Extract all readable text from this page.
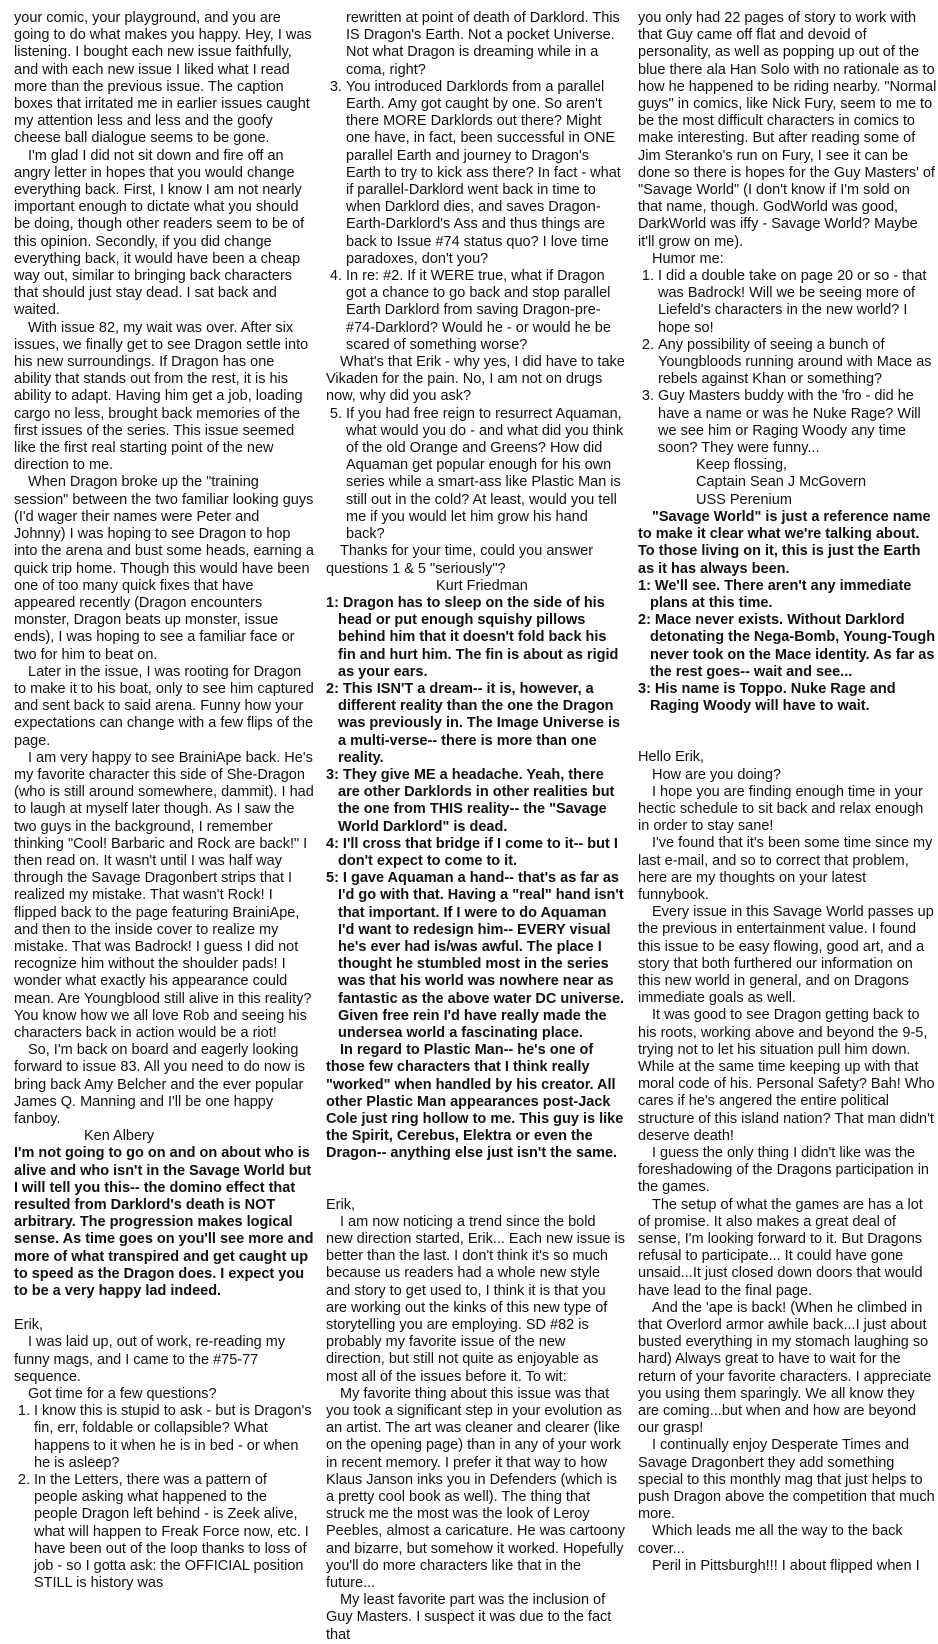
your comic, your playground, and you are going to do what makes you happy. Hey, I was listening. I bought each new issue faithfully, and with each new issue I liked what I read more than the previous issue. The caption boxes that irritated me in earlier issues caught my attention less and less and the goofy cheese ball dialogue seems to be gone.

I'm glad I did not sit down and fire off an angry letter in hopes that you would change everything back. First, I know I am not nearly important enough to dictate what you should be doing, though other readers seem to be of this opinion. Secondly, if you did change everything back, it would have been a cheap way out, similar to bringing back characters that should just stay dead. I sat back and waited.

With issue 82, my wait was over. After six issues, we finally get to see Dragon settle into his new surroundings. If Dragon has one ability that stands out from the rest, it is his ability to adapt. Having him get a job, loading cargo no less, brought back memories of the first issues of the series. This issue seemed like the first real starting point of the new direction to me.

When Dragon broke up the "training session" between the two familiar looking guys (I'd wager their names were Peter and Johnny) I was hoping to see Dragon to hop into the arena and bust some heads, earning a quick trip home. Though this would have been one of too many quick fixes that have appeared recently (Dragon encounters monster, Dragon beats up monster, issue ends), I was hoping to see a familiar face or two for him to beat on.

Later in the issue, I was rooting for Dragon to make it to his boat, only to see him captured and sent back to said arena. Funny how your expectations can change with a few flips of the page.

I am very happy to see BrainiApe back. He's my favorite character this side of She-Dragon (who is still around somewhere, dammit). I had to laugh at myself later though. As I saw the two guys in the background, I remember thinking "Cool! Barbaric and Rock are back!" I then read on. It wasn't until I was half way through the Savage Dragonbert strips that I realized my mistake. That wasn't Rock! I flipped back to the page featuring BrainiApe, and then to the inside cover to realize my mistake. That was Badrock! I guess I did not recognize him without the shoulder pads! I wonder what exactly his appearance could mean. Are Youngblood still alive in this reality? You know how we all love Rob and seeing his characters back in action would be a riot!

So, I'm back on board and eagerly looking forward to issue 83. All you need to do now is bring back Amy Belcher and the ever popular James Q. Manning and I'll be one happy fanboy.

Ken Albery

I'm not going to go on and on about who is alive and who isn't in the Savage World but I will tell you this-- the domino effect that resulted from Darklord's death is NOT arbitrary. The progression makes logical sense. As time goes on you'll see more and more of what transpired and get caught up to speed as the Dragon does. I expect you to be a very happy lad indeed.

Erik,

I was laid up, out of work, re-reading my funny mags, and I came to the #75-77 sequence.

Got time for a few questions?

1. I know this is stupid to ask - but is Dragon's fin, err, foldable or collapsible? What happens to it when he is in bed - or when he is asleep?
2. In the Letters, there was a pattern of people asking what happened to the people Dragon left behind - is Zeek alive, what will happen to Freak Force now, etc. I have been out of the loop thanks to loss of job - so I gotta ask: the OFFICIAL position STILL is history was

rewritten at point of death of Darklord. This IS Dragon's Earth. Not a pocket Universe. Not what Dragon is dreaming while in a coma, right?

3. You introduced Darklords from a parallel Earth. Amy got caught by one. So aren't there MORE Darklords out there? Might one have, in fact, been successful in ONE parallel Earth and journey to Dragon's Earth to try to kick ass there? In fact - what if parallel-Darklord went back in time to when Darklord dies, and saves Dragon-Earth-Darklord's Ass and thus things are back to Issue #74 status quo? I love time paradoxes, don't you?
4. In re: #2. If it WERE true, what if Dragon got a chance to go back and stop parallel Earth Darklord from saving Dragon-pre-#74-Darklord? Would he - or would he be scared of something worse?

What's that Erik - why yes, I did have to take Vikaden for the pain. No, I am not on drugs now, why did you ask?

5. If you had free reign to resurrect Aquaman, what would you do - and what did you think of the old Orange and Greens? How did Aquaman get popular enough for his own series while a smart-ass like Plastic Man is still out in the cold? At least, would you tell me if you would let him grow his hand back?

Thanks for your time, could you answer questions 1 & 5 "seriously"?

Kurt Friedman

1: Dragon has to sleep on the side of his head or put enough squishy pillows behind him that it doesn't fold back his fin and hurt him. The fin is about as rigid as your ears.
2: This ISN'T a dream-- it is, however, a different reality than the one the Dragon was previously in. The Image Universe is a multi-verse-- there is more than one reality.
3: They give ME a headache. Yeah, there are other Darklords in other realities but the one from THIS reality-- the "Savage World Darklord" is dead.
4: I'll cross that bridge if I come to it-- but I don't expect to come to it.
5: I gave Aquaman a hand-- that's as far as I'd go with that. Having a "real" hand isn't that important. If I were to do Aquaman I'd want to redesign him-- EVERY visual he's ever had is/was awful. The place I thought he stumbled most in the series was that his world was nowhere near as fantastic as the above water DC universe. Given free rein I'd have really made the undersea world a fascinating place.

In regard to Plastic Man-- he's one of those few characters that I think really "worked" when handled by his creator. All other Plastic Man appearances post-Jack Cole just ring hollow to me. This guy is like the Spirit, Cerebus, Elektra or even the Dragon-- anything else just isn't the same.

Erik,

I am now noticing a trend since the bold new direction started, Erik... Each new issue is better than the last. I don't think it's so much because us readers had a whole new style and story to get used to, I think it is that you are working out the kinks of this new type of storytelling you are employing. SD #82 is probably my favorite issue of the new direction, but still not quite as enjoyable as most all of the issues before it. To wit:

My favorite thing about this issue was that you took a significant step in your evolution as an artist. The art was cleaner and clearer (like on the opening page) than in any of your work in recent memory. I prefer it that way to how Klaus Janson inks you in Defenders (which is a pretty cool book as well). The thing that struck me the most was the look of Leroy Peebles, almost a caricature. He was cartoony and bizarre, but somehow it worked. Hopefully you'll do more characters like that in the future...

My least favorite part was the inclusion of Guy Masters. I suspect it was due to the fact that

you only had 22 pages of story to work with that Guy came off flat and devoid of personality, as well as popping up out of the blue there ala Han Solo with no rationale as to how he happened to be riding nearby. "Normal guys" in comics, like Nick Fury, seem to me to be the most difficult characters in comics to make interesting. But after reading some of Jim Steranko's run on Fury, I see it can be done so there is hopes for the Guy Masters' of "Savage World" (I don't know if I'm sold on that name, though. GodWorld was good, DarkWorld was iffy - Savage World? Maybe it'll grow on me).

Humor me:

1. I did a double take on page 20 or so - that was Badrock! Will we be seeing more of Liefeld's characters in the new world? I hope so!
2. Any possibility of seeing a bunch of Youngbloods running around with Mace as rebels against Khan or something?
3. Guy Masters buddy with the 'fro - did he have a name or was he Nuke Rage? Will we see him or Raging Woody any time soon? They were funny...

Keep flossing,

Captain Sean J McGovern

USS Perenium

"Savage World" is just a reference name to make it clear what we're talking about. To those living on it, this is just the Earth as it has always been.

1: We'll see. There aren't any immediate plans at this time.
2: Mace never exists. Without Darklord detonating the Nega-Bomb, Young-Tough never took on the Mace identity. As far as the rest goes-- wait and see...
3: His name is Toppo. Nuke Rage and Raging Woody will have to wait.

Hello Erik,

How are you doing?

I hope you are finding enough time in your hectic schedule to sit back and relax enough in order to stay sane!

I've found that it's been some time since my last e-mail, and so to correct that problem, here are my thoughts on your latest funnybook.

Every issue in this Savage World passes up the previous in entertainment value. I found this issue to be easy flowing, good art, and a story that both furthered our information on this new world in general, and on Dragons immediate goals as well.

It was good to see Dragon getting back to his roots, working above and beyond the 9-5, trying not to let his situation pull him down. While at the same time keeping up with that moral code of his. Personal Safety? Bah! Who cares if he's angered the entire political structure of this island nation? That man didn't deserve death!

I guess the only thing I didn't like was the foreshadowing of the Dragons participation in the games.

The setup of what the games are has a lot of promise. It also makes a great deal of sense, I'm looking forward to it. But Dragons refusal to participate... It could have gone unsaid...It just closed down doors that would have lead to the final page.

And the 'ape is back! (When he climbed in that Overlord armor awhile back...I just about busted everything in my stomach laughing so hard) Always great to have to wait for the return of your favorite characters. I appreciate you using them sparingly. We all know they are coming...but when and how are beyond our grasp!

I continually enjoy Desperate Times and Savage Dragonbert they add something special to this monthly mag that just helps to push Dragon above the competition that much more.

Which leads me all the way to the back cover...

Peril in Pittsburgh!!! I about flipped when I
